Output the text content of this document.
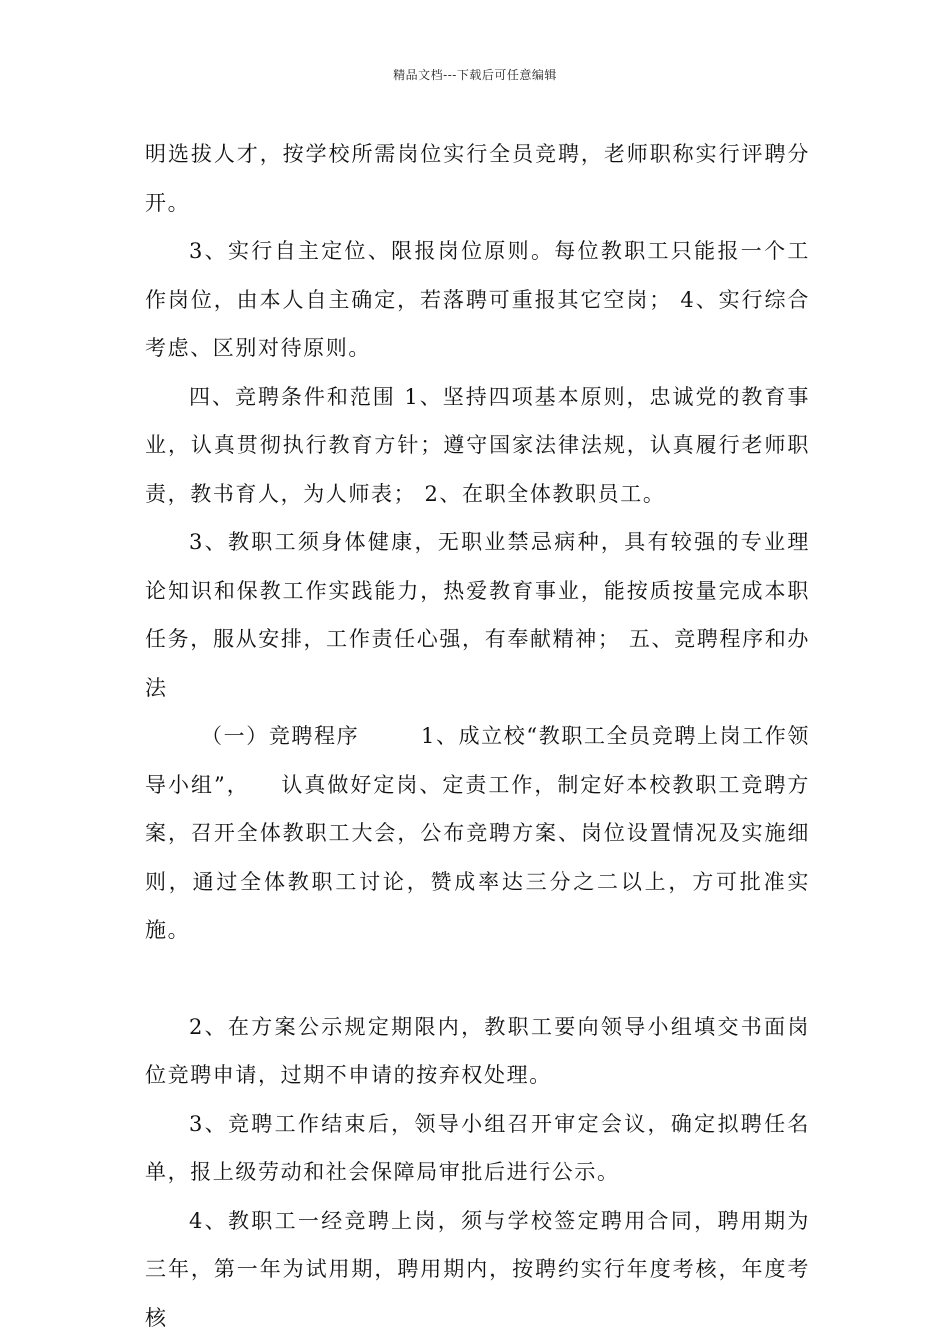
精品文档---下载后可任意编辑

明选拔人才，按学校所需岗位实行全员竞聘，老师职称实行评聘分开。

3、实行自主定位、限报岗位原则。每位教职工只能报一个工作岗位，由本人自主确定，若落聘可重报其它空岗； 4、实行综合考虑、区别对待原则。

四、竞聘条件和范围 1、坚持四项基本原则，忠诚党的教育事业，认真贯彻执行教育方针；遵守国家法律法规，认真履行老师职责，教书育人，为人师表； 2、在职全体教职员工。

3、教职工须身体健康，无职业禁忌病种，具有较强的专业理论知识和保教工作实践能力，热爱教育事业，能按质按量完成本职任务，服从安排，工作责任心强，有奉献精神； 五、竞聘程序和办法

（一）竞聘程序 　　 1、成立校“教职工全员竞聘上岗工作领导小组”， 　认真做好定岗、定责工作，制定好本校教职工竞聘方案，召开全体教职工大会，公布竞聘方案、岗位设置情况及实施细则，通过全体教职工讨论，赞成率达三分之二以上，方可批准实施。

2、在方案公示规定期限内，教职工要向领导小组填交书面岗位竞聘申请，过期不申请的按弃权处理。

3、竞聘工作结束后，领导小组召开审定会议，确定拟聘任名单，报上级劳动和社会保障局审批后进行公示。

4、教职工一经竞聘上岗，须与学校签定聘用合同，聘用期为三年，第一年为试用期，聘用期内，按聘约实行年度考核，年度考核
